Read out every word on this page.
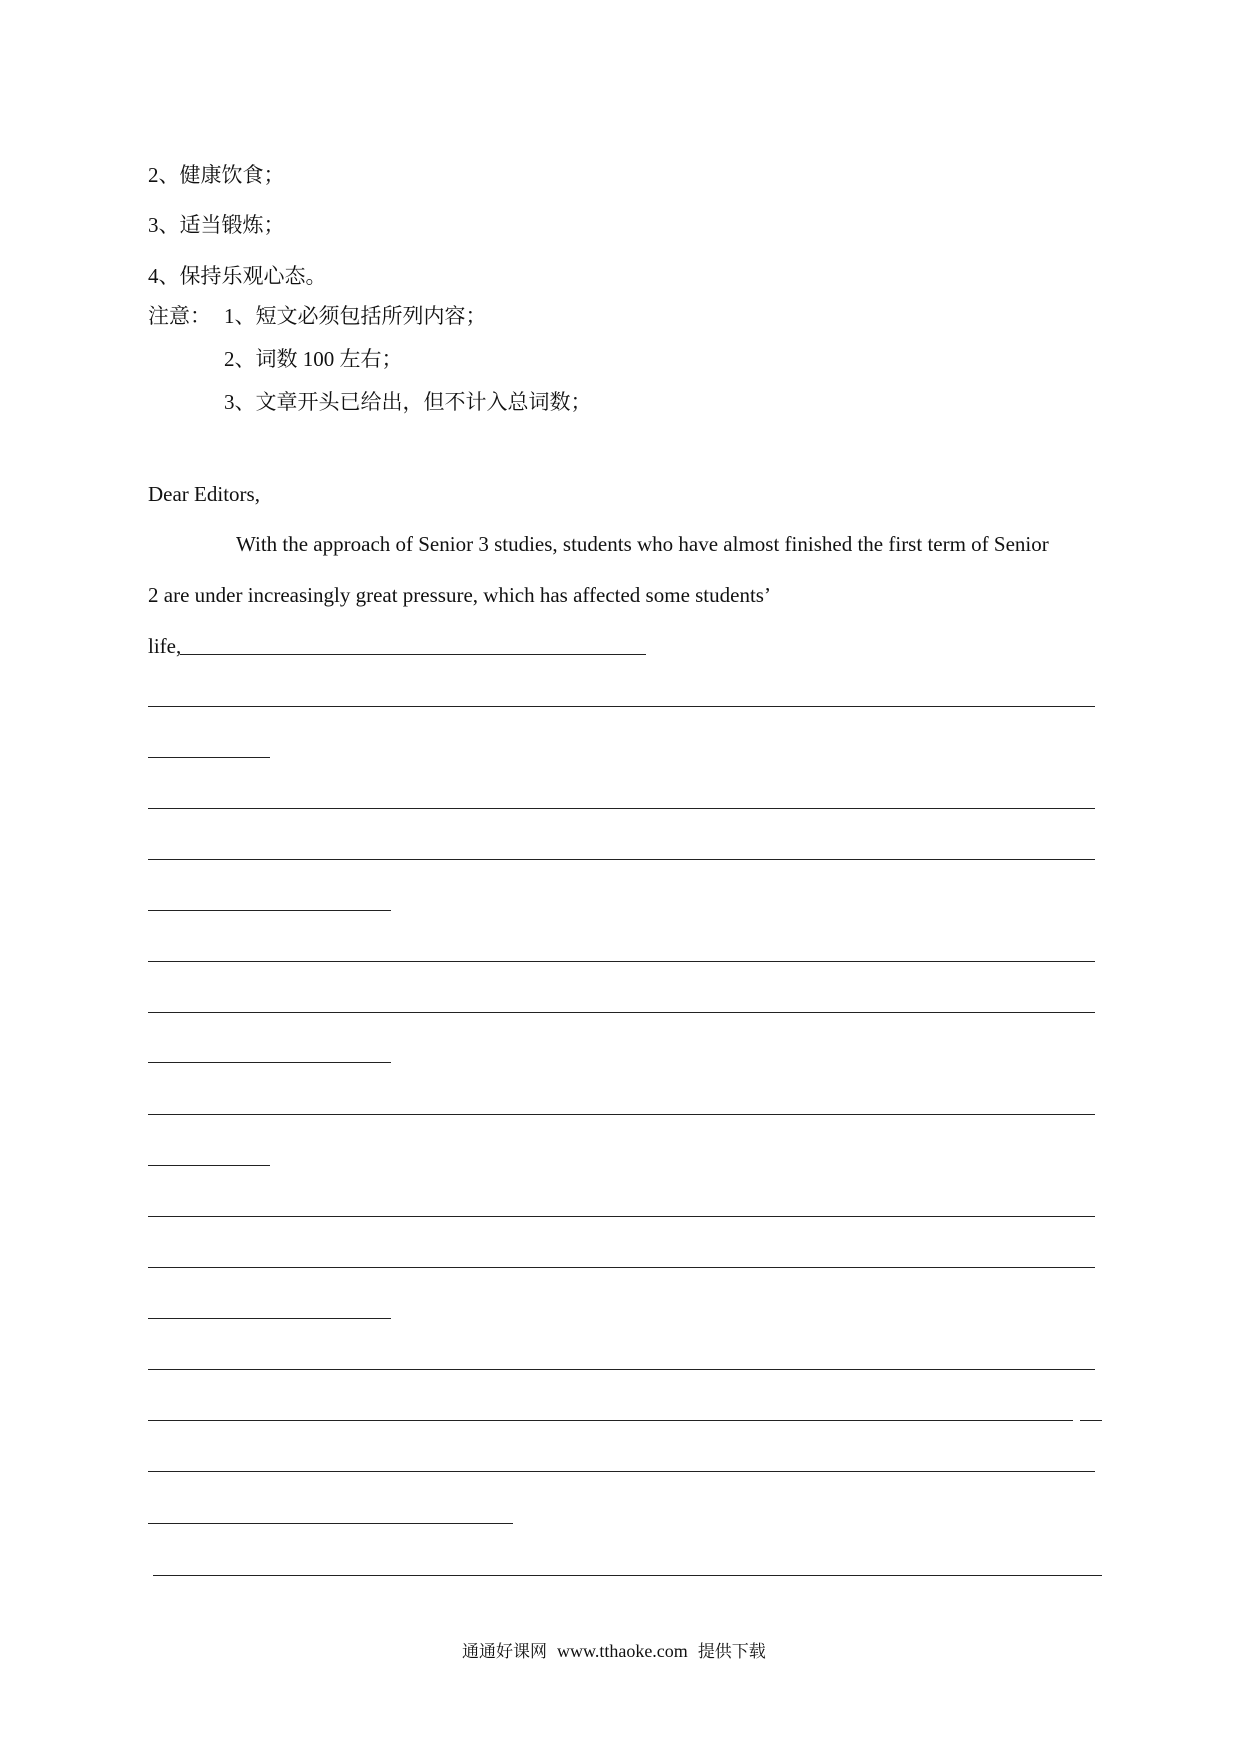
2、健康饮食；
3、适当锻炼；
4、保持乐观心态。
注意： 1、短文必须包括所列内容；
2、词数 100 左右；
3、文章开头已给出，但不计入总词数；
Dear Editors,
With the approach of Senior 3 studies, students who have almost finished the first term of Senior
2 are under increasingly great pressure, which has affected some students’
life,
通通好课网 www.tthaoke.com 提供下载
